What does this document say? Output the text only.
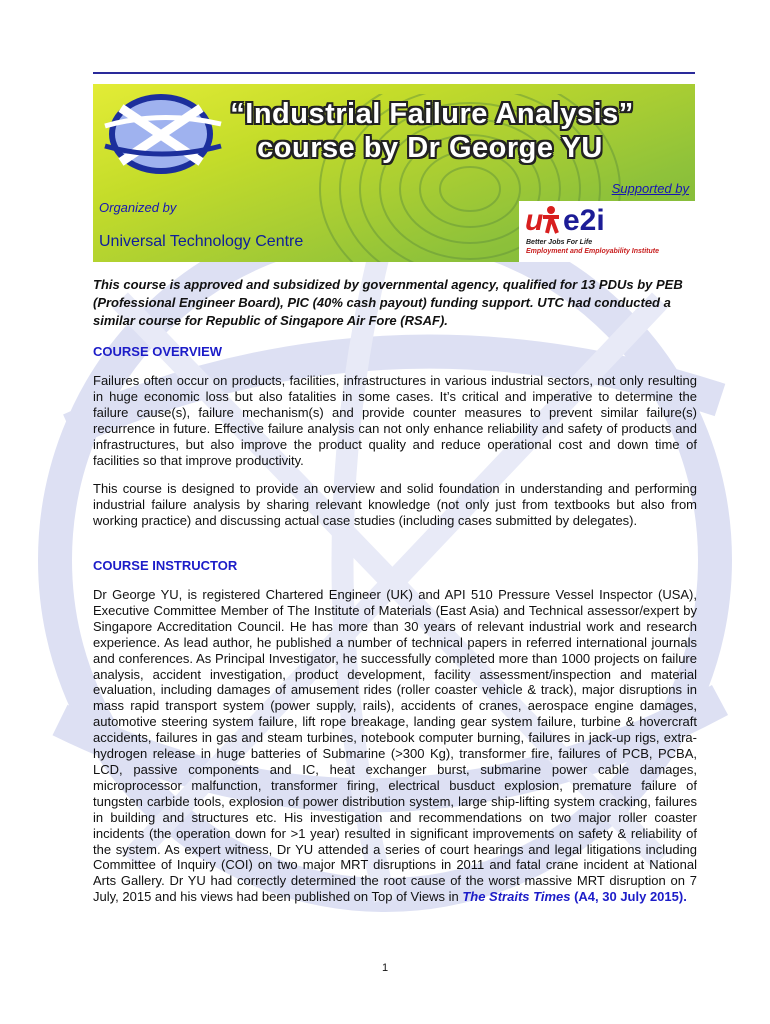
“Industrial Failure Analysis”
course by Dr George YU
Supported by
Organized by
Universal Technology Centre
u e2i
Better Jobs For Life
Employment and Employability Institute

This course is approved and subsidized by governmental agency, qualified for 13 PDUs by PEB (Professional Engineer Board), PIC (40% cash payout) funding support. UTC had conducted a similar course for Republic of Singapore Air Fore (RSAF).

COURSE OVERVIEW

Failures often occur on products, facilities, infrastructures in various industrial sectors, not only resulting in huge economic loss but also fatalities in some cases. It’s critical and imperative to determine the failure cause(s), failure mechanism(s) and provide counter measures to prevent similar failure(s) recurrence in future. Effective failure analysis can not only enhance reliability and safety of products and infrastructures, but also improve the product quality and reduce operational cost and down time of facilities so that improve productivity.

This course is designed to provide an overview and solid foundation in understanding and performing industrial failure analysis by sharing relevant knowledge (not only just from textbooks but also from working practice) and discussing actual case studies (including cases submitted by delegates).

COURSE INSTRUCTOR

Dr George YU, is registered Chartered Engineer (UK) and API 510 Pressure Vessel Inspector (USA), Executive Committee Member of The Institute of Materials (East Asia) and Technical assessor/expert by Singapore Accreditation Council. He has more than 30 years of relevant industrial work and research experience. As lead author, he published a number of technical papers in referred international journals and conferences. As Principal Investigator, he successfully completed more than 1000 projects on failure analysis, accident investigation, product development, facility assessment/inspection and material evaluation, including damages of amusement rides (roller coaster vehicle & track), major disruptions in mass rapid transport system (power supply, rails), accidents of cranes, aerospace engine damages, automotive steering system failure, lift rope breakage, landing gear system failure, turbine & hovercraft accidents, failures in gas and steam turbines, notebook computer burning, failures in jack-up rigs, extra-hydrogen release in huge batteries of Submarine (>300 Kg), transformer fire, failures of PCB, PCBA, LCD, passive components and IC, heat exchanger burst, submarine power cable damages, microprocessor malfunction, transformer firing, electrical busduct explosion, premature failure of tungsten carbide tools, explosion of power distribution system, large ship-lifting system cracking, failures in building and structures etc. His investigation and recommendations on two major roller coaster incidents (the operation down for >1 year) resulted in significant improvements on safety & reliability of the system. As expert witness, Dr YU attended a series of court hearings and legal litigations including Committee of Inquiry (COI) on two major MRT disruptions in 2011 and fatal crane incident at National Arts Gallery. Dr YU had correctly determined the root cause of the worst massive MRT disruption on 7 July, 2015 and his views had been published on Top of Views in The Straits Times (A4, 30 July 2015).

1
